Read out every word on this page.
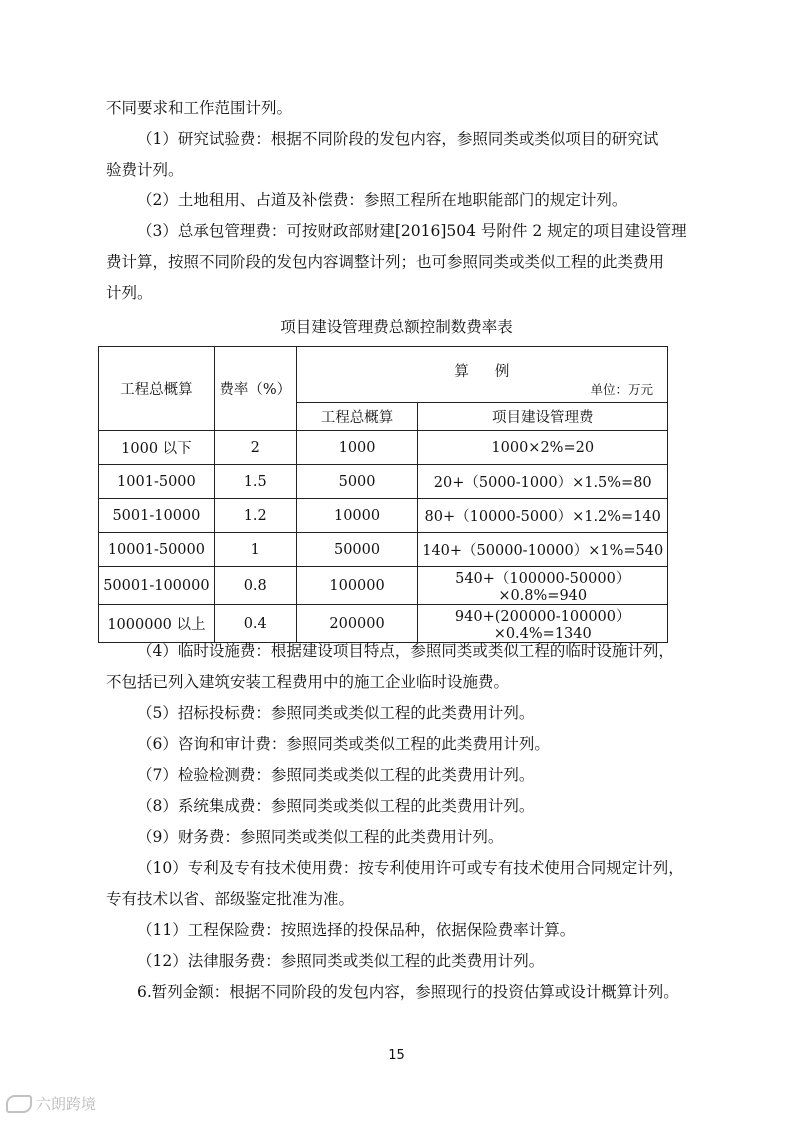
不同要求和工作范围计列。
（1）研究试验费：根据不同阶段的发包内容，参照同类或类似项目的研究试
验费计列。
（2）土地租用、占道及补偿费：参照工程所在地职能部门的规定计列。
（3）总承包管理费：可按财政部财建[2016]504 号附件 2 规定的项目建设管理
费计算，按照不同阶段的发包内容调整计列；也可参照同类或类似工程的此类费用
计列。
项目建设管理费总额控制数费率表
工程总概算	费率（%）	算例
单位：万元	

		工程总概算	项目建设管理费
1000 以下	2	1000	1000×2%=20
1001-5000	1.5	5000	20+（5000-1000）×1.5%=80
5001-10000	1.2	10000	80+（10000-5000）×1.2%=140
10001-50000	1	50000	140+（50000-10000）×1%=540
50001-100000	0.8	100000	540+（100000-50000）×0.8%=940
1000000 以上	0.4	200000	940+(200000-100000）×0.4%=1340
（4）临时设施费：根据建设项目特点，参照同类或类似工程的临时设施计列，
不包括已列入建筑安装工程费用中的施工企业临时设施费。
（5）招标投标费：参照同类或类似工程的此类费用计列。
（6）咨询和审计费：参照同类或类似工程的此类费用计列。
（7）检验检测费：参照同类或类似工程的此类费用计列。
（8）系统集成费：参照同类或类似工程的此类费用计列。
（9）财务费：参照同类或类似工程的此类费用计列。
（10）专利及专有技术使用费：按专利使用许可或专有技术使用合同规定计列，
专有技术以省、部级鉴定批准为准。
（11）工程保险费：按照选择的投保品种，依据保险费率计算。
（12）法律服务费：参照同类或类似工程的此类费用计列。
6.暂列金额：根据不同阶段的发包内容，参照现行的投资估算或设计概算计列。
15
六朗跨境
